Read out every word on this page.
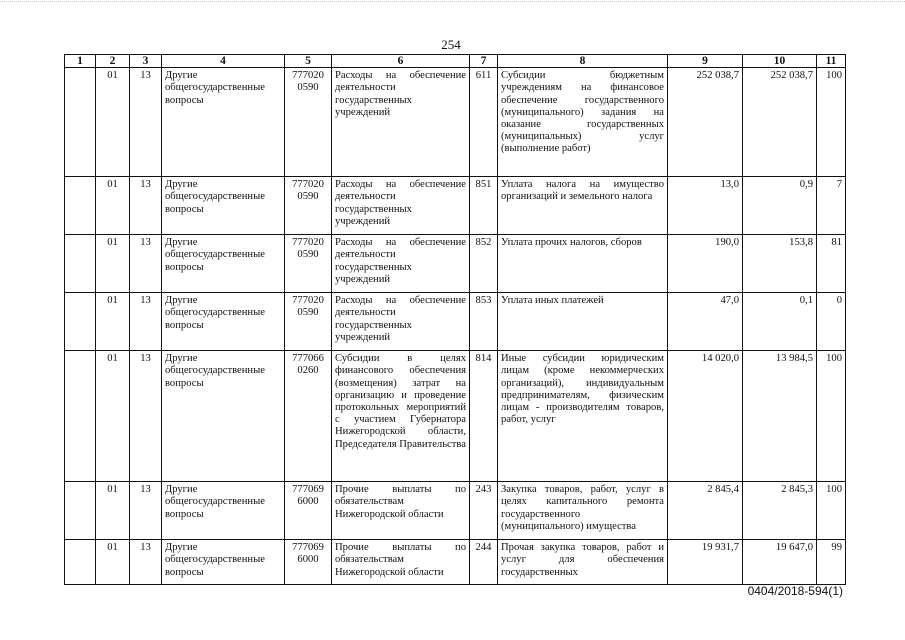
254
1	2	3	4	5	6	7	8	9	10	11
	01	13	Другие общегосударственные вопросы	777020 0590	Расходы на обеспечение деятельности государственных учреждений	611	Субсидии бюджетным учреждениям на финансовое обеспечение государственного (муниципального) задания на оказание государственных (муниципальных) услуг (выполнение работ)	252 038,7	252 038,7	100
	01	13	Другие общегосударственные вопросы	777020 0590	Расходы на обеспечение деятельности государственных учреждений	851	Уплата налога на имущество организаций и земельного налога	13,0	0,9	7
	01	13	Другие общегосударственные вопросы	777020 0590	Расходы на обеспечение деятельности государственных учреждений	852	Уплата прочих налогов, сборов	190,0	153,8	81
	01	13	Другие общегосударственные вопросы	777020 0590	Расходы на обеспечение деятельности государственных учреждений	853	Уплата иных платежей	47,0	0,1	0
	01	13	Другие общегосударственные вопросы	777066 0260	Субсидии в целях финансового обеспечения (возмещения) затрат на организацию и проведение протокольных мероприятий с участием Губернатора Нижегородской области, Председателя Правительства	814	Иные субсидии юридическим лицам (кроме некоммерческих организаций), индивидуальным предпринимателям, физическим лицам - производителям товаров, работ, услуг	14 020,0	13 984,5	100
	01	13	Другие общегосударственные вопросы	777069 6000	Прочие выплаты по обязательствам Нижегородской области	243	Закупка товаров, работ, услуг в целях капитального ремонта государственного (муниципального) имущества	2 845,4	2 845,3	100
	01	13	Другие общегосударственные вопросы	777069 6000	Прочие выплаты по обязательствам Нижегородской области	244	Прочая закупка товаров, работ и услуг для обеспечения государственных	19 931,7	19 647,0	99
0404/2018-594(1)
